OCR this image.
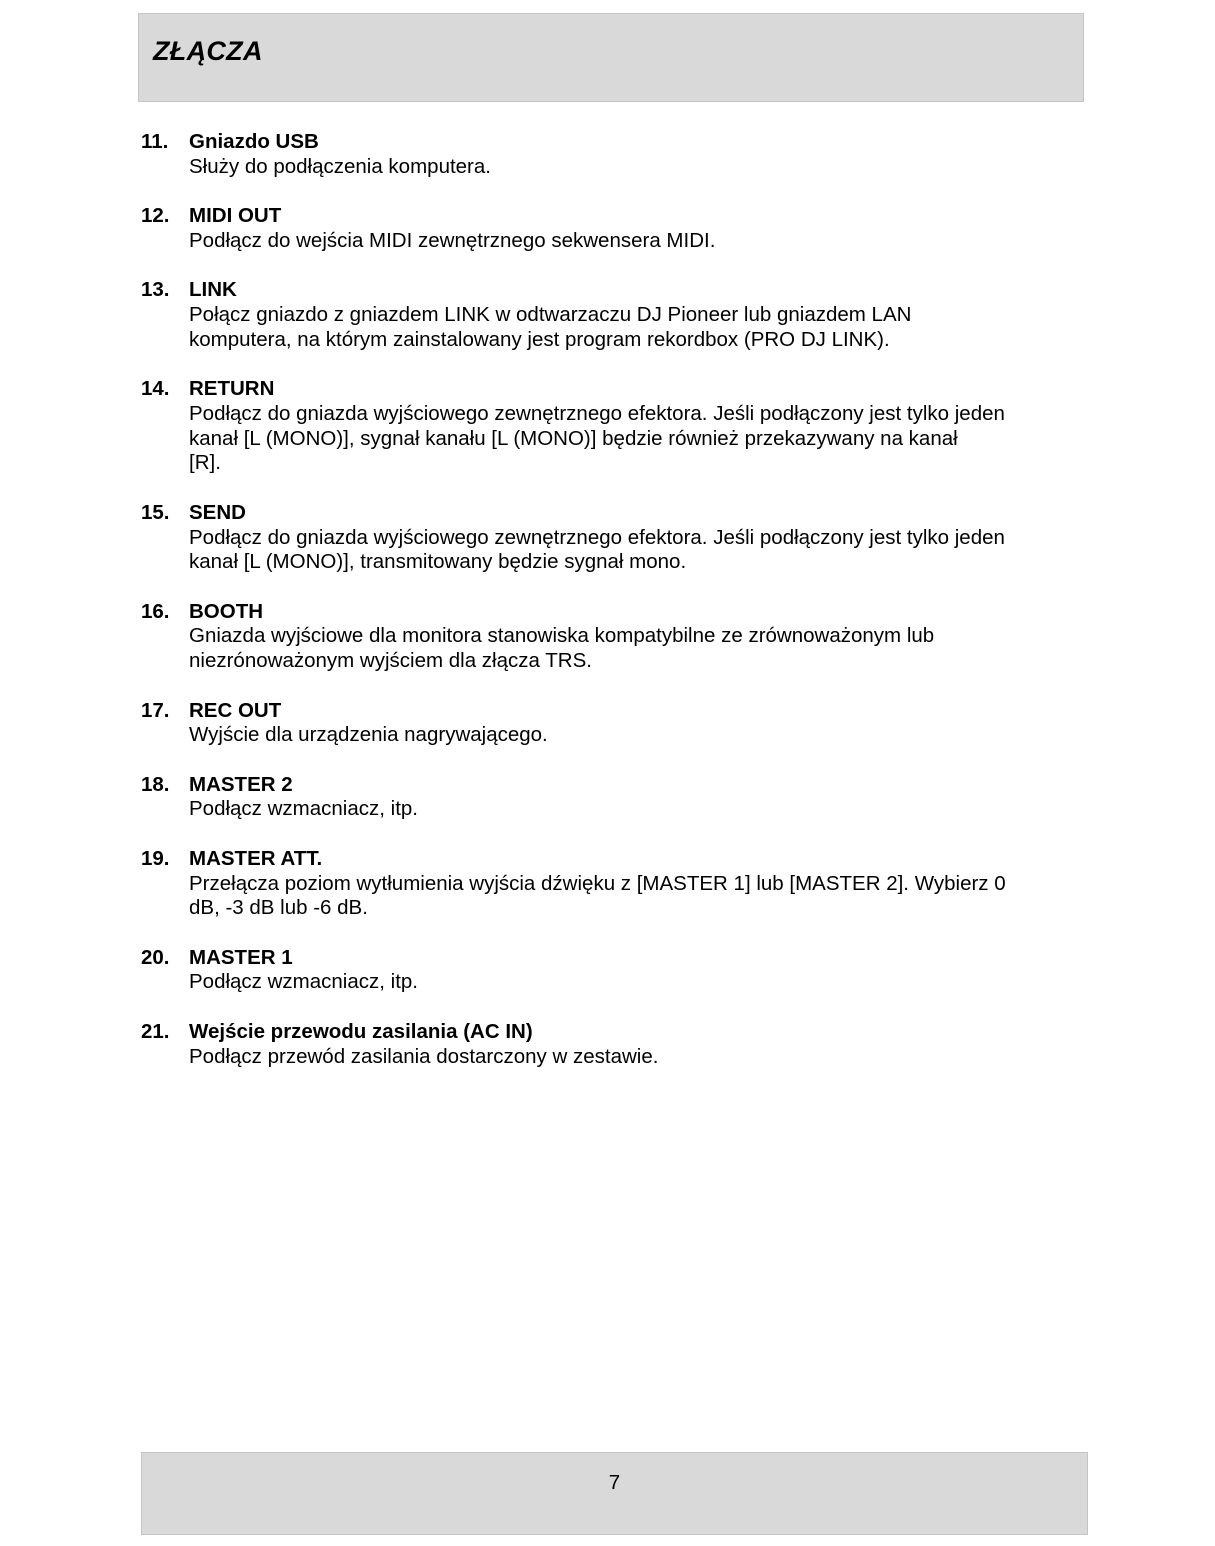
ZŁĄCZA
11. Gniazdo USB
Służy do podłączenia komputera.
12. MIDI OUT
Podłącz do wejścia MIDI zewnętrznego sekwensera MIDI.
13. LINK
Połącz gniazdo z gniazdem LINK w odtwarzaczu DJ Pioneer lub gniazdem LAN
komputera, na którym zainstalowany jest program rekordbox (PRO DJ LINK).
14. RETURN
Podłącz do gniazda wyjściowego zewnętrznego efektora. Jeśli podłączony jest tylko jeden
kanał [L (MONO)], sygnał kanału [L (MONO)] będzie również przekazywany na kanał
[R].
15. SEND
Podłącz do gniazda wyjściowego zewnętrznego efektora. Jeśli podłączony jest tylko jeden
kanał [L (MONO)], transmitowany będzie sygnał mono.
16. BOOTH
Gniazda wyjściowe dla monitora stanowiska kompatybilne ze zrównoważonym lub
niezrónoważonym wyjściem dla złącza TRS.
17. REC OUT
Wyjście dla urządzenia nagrywającego.
18. MASTER 2
Podłącz wzmacniacz, itp.
19. MASTER ATT.
Przełącza poziom wytłumienia wyjścia dźwięku z [MASTER 1] lub [MASTER 2]. Wybierz 0
dB, -3 dB lub -6 dB.
20. MASTER 1
Podłącz wzmacniacz, itp.
21. Wejście przewodu zasilania (AC IN)
Podłącz przewód zasilania dostarczony w zestawie.
7
